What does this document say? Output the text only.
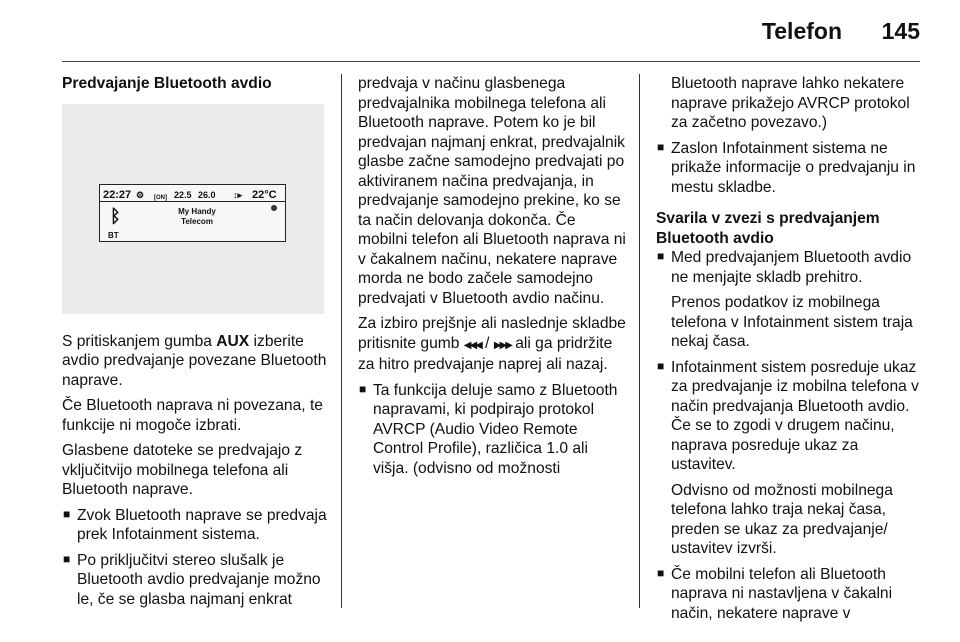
Telefon 145
Predvajanje Bluetooth avdio
22:27 ⚙ [ON] 22.5 26.0 ↕▸ 22°C
ᛒ
BT
My Handy
Telecom

S pritiskanjem gumba AUX izberite avdio predvajanje povezane Bluetooth naprave.

Če Bluetooth naprava ni povezana, te funkcije ni mogoče izbrati.

Glasbene datoteke se predvajajo z vključitvijo mobilnega telefona ali Bluetooth naprave.

■ Zvok Bluetooth naprave se predvaja prek Infotainment sistema.
■ Po priključitvi stereo slušalk je Bluetooth avdio predvajanje možno le, če se glasba najmanj enkrat

predvaja v načinu glasbenega predvajalnika mobilnega telefona ali Bluetooth naprave. Potem ko je bil predvajan najmanj enkrat, predvajalnik glasbe začne samodejno predvajati po aktiviranem načina predvajanja, in predvajanje samodejno prekine, ko se ta način delovanja dokonča. Če mobilni telefon ali Bluetooth naprava ni v čakalnem načinu, nekatere naprave morda ne bodo začele samodejno predvajati v Bluetooth avdio načinu.

Za izbiro prejšnje ali naslednje skladbe pritisnite gumb ◀◀◀ / ▶▶▶ ali ga pridržite za hitro predvajanje naprej ali nazaj.

■ Ta funkcija deluje samo z Bluetooth napravami, ki podpirajo protokol AVRCP (Audio Video Remote Control Profile), različica 1.0 ali višja. (odvisno od možnosti

Bluetooth naprave lahko nekatere naprave prikažejo AVRCP protokol za začetno povezavo.)

■ Zaslon Infotainment sistema ne prikaže informacije o predvajanju in mestu skladbe.
Svarila v zvezi s predvajanjem Bluetooth avdio
■ Med predvajanjem Bluetooth avdio ne menjajte skladb prehitro.

Prenos podatkov iz mobilnega telefona v Infotainment sistem traja nekaj časa.

■ Infotainment sistem posreduje ukaz za predvajanje iz mobilna telefona v način predvajanja Bluetooth avdio. Če se to zgodi v drugem načinu, naprava posreduje ukaz za ustavitev.

Odvisno od možnosti mobilnega telefona lahko traja nekaj časa, preden se ukaz za predvajanje/ ustavitev izvrši.

■ Če mobilni telefon ali Bluetooth naprava ni nastavljena v čakalni način, nekatere naprave v
